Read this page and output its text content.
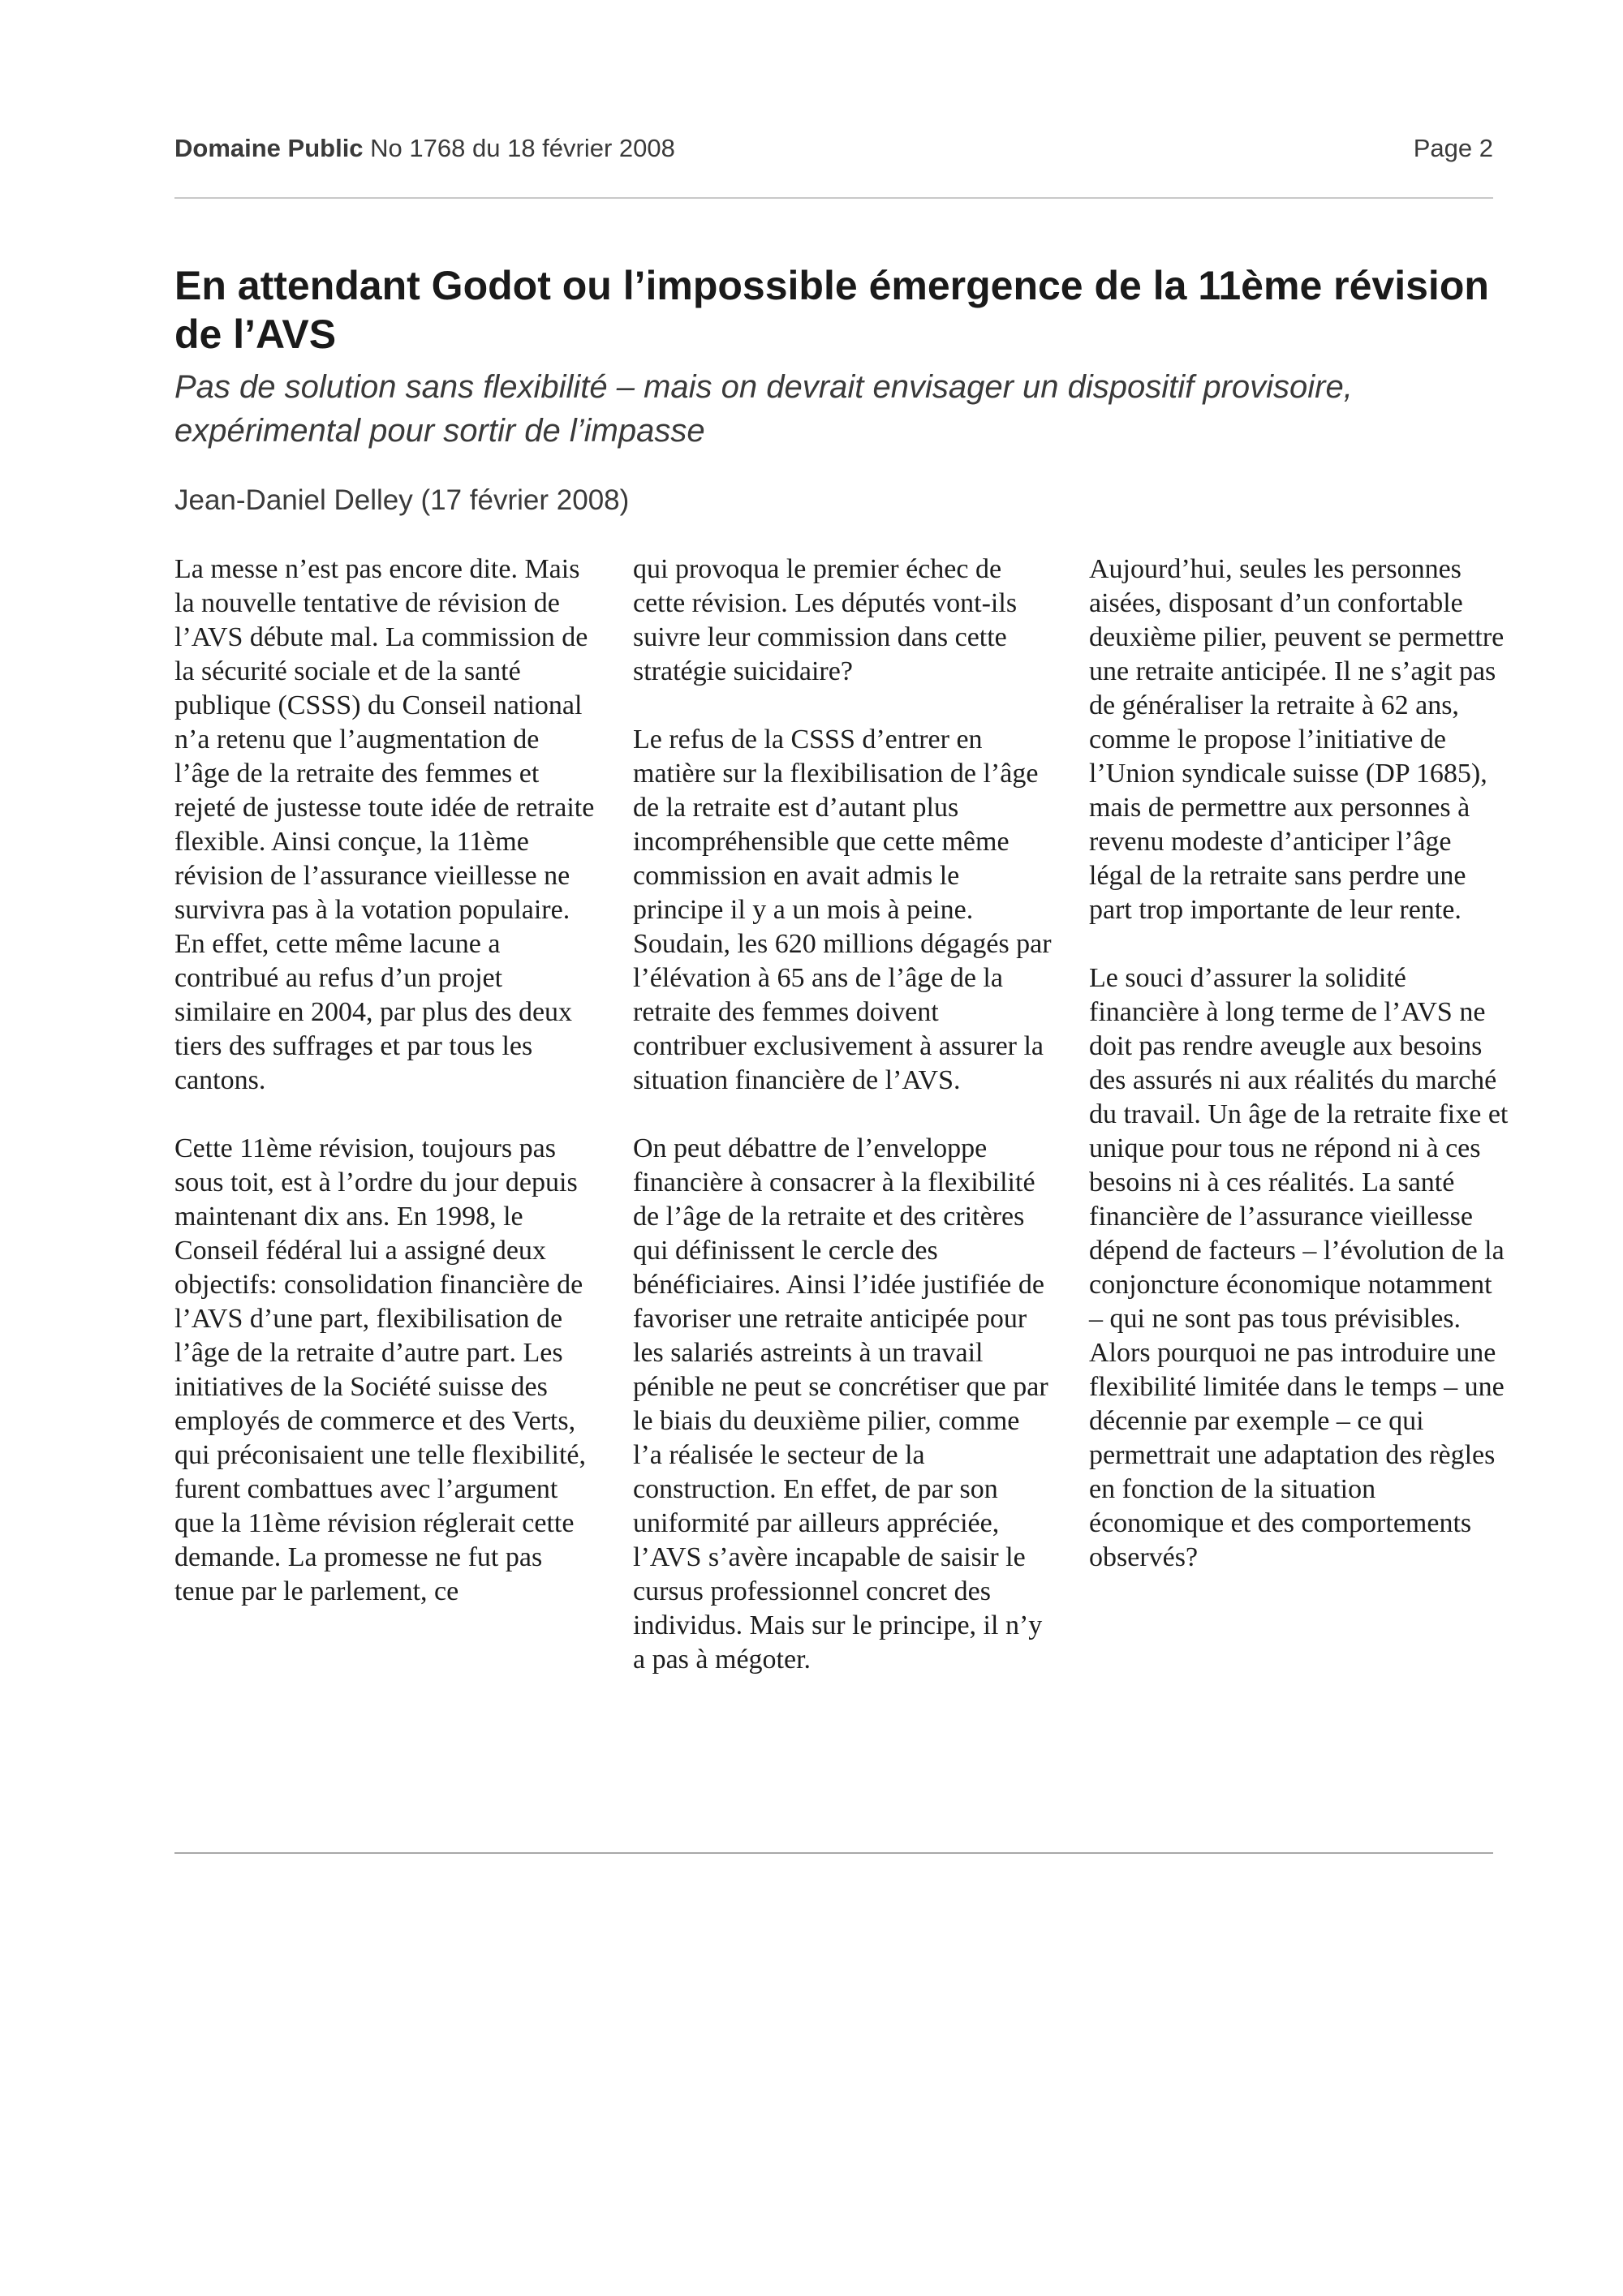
Domaine Public No 1768 du 18 février 2008	Page 2
En attendant Godot ou l’impossible émergence de la 11ème révision de l’AVS

Pas de solution sans flexibilité – mais on devrait envisager un dispositif provisoire, expérimental pour sortir de l’impasse

Jean-Daniel Delley (17 février 2008)

La messe n’est pas encore dite. Mais la nouvelle tentative de révision de l’AVS débute mal. La commission de la sécurité sociale et de la santé publique (CSSS) du Conseil national n’a retenu que l’augmentation de l’âge de la retraite des femmes et rejeté de justesse toute idée de retraite flexible. Ainsi conçue, la 11ème révision de l’assurance vieillesse ne survivra pas à la votation populaire. En effet, cette même lacune a contribué au refus d’un projet similaire en 2004, par plus des deux tiers des suffrages et par tous les cantons.

Cette 11ème révision, toujours pas sous toit, est à l’ordre du jour depuis maintenant dix ans. En 1998, le Conseil fédéral lui a assigné deux objectifs: consolidation financière de l’AVS d’une part, flexibilisation de l’âge de la retraite d’autre part. Les initiatives de la Société suisse des employés de commerce et des Verts, qui préconisaient une telle flexibilité, furent combattues avec l’argument que la 11ème révision réglerait cette demande. La promesse ne fut pas tenue par le parlement, ce

qui provoqua le premier échec de cette révision. Les députés vont-ils suivre leur commission dans cette stratégie suicidaire?

Le refus de la CSSS d’entrer en matière sur la flexibilisation de l’âge de la retraite est d’autant plus incompréhensible que cette même commission en avait admis le principe il y a un mois à peine. Soudain, les 620 millions dégagés par l’élévation à 65 ans de l’âge de la retraite des femmes doivent contribuer exclusivement à assurer la situation financière de l’AVS.

On peut débattre de l’enveloppe financière à consacrer à la flexibilité de l’âge de la retraite et des critères qui définissent le cercle des bénéficiaires. Ainsi l’idée justifiée de favoriser une retraite anticipée pour les salariés astreints à un travail pénible ne peut se concrétiser que par le biais du deuxième pilier, comme l’a réalisée le secteur de la construction. En effet, de par son uniformité par ailleurs appréciée, l’AVS s’avère incapable de saisir le cursus professionnel concret des individus. Mais sur le principe, il n’y a pas à mégoter.

Aujourd’hui, seules les personnes aisées, disposant d’un confortable deuxième pilier, peuvent se permettre une retraite anticipée. Il ne s’agit pas de généraliser la retraite à 62 ans, comme le propose l’initiative de l’Union syndicale suisse (DP 1685), mais de permettre aux personnes à revenu modeste d’anticiper l’âge légal de la retraite sans perdre une part trop importante de leur rente.

Le souci d’assurer la solidité financière à long terme de l’AVS ne doit pas rendre aveugle aux besoins des assurés ni aux réalités du marché du travail. Un âge de la retraite fixe et unique pour tous ne répond ni à ces besoins ni à ces réalités. La santé financière de l’assurance vieillesse dépend de facteurs – l’évolution de la conjoncture économique notamment – qui ne sont pas tous prévisibles. Alors pourquoi ne pas introduire une flexibilité limitée dans le temps – une décennie par exemple – ce qui permettrait une adaptation des règles en fonction de la situation économique et des comportements observés?
